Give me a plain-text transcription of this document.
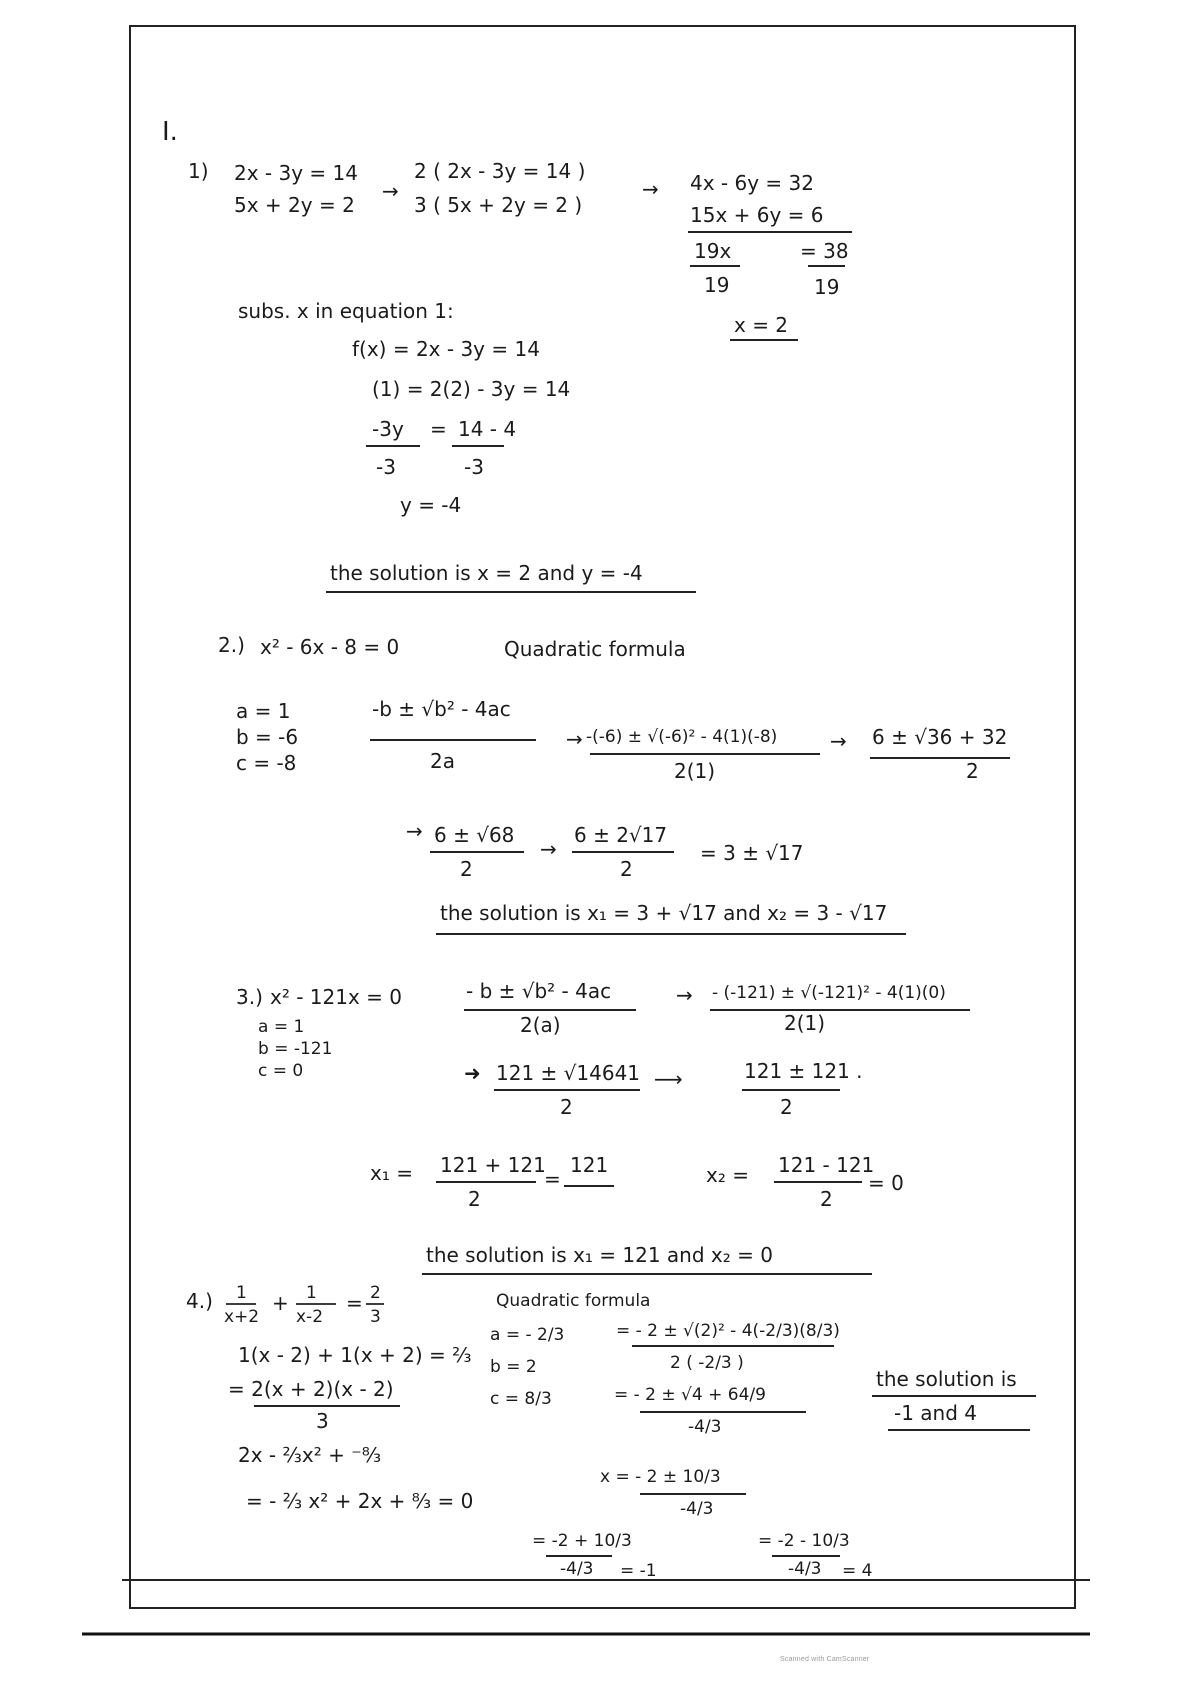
I.
1) 2x - 3y = 14
5x + 2y = 2
→
2 ( 2x - 3y = 14 )
3 ( 5x + 2y = 2 )
→ 4x - 6y = 32
15x + 6y = 6
19x	= 38
19	19
x = 2
subs. x in equation 1:
f(x) = 2x - 3y = 14
(1) = 2(2) - 3y = 14
-3y = 14 - 4
-3	-3
y = -4
the solution is x = 2 and y = -4
2.) x² - 6x - 8 = 0	Quadratic formula
a = 1
b = -6
c = -8
-b ± √b² - 4ac
2a
→ -(-6) ± √(-6)² - 4(1)(-8)
2(1)
→ 6 ± √36 + 32
2
→ 6 ± √68
2
→
6 ± 2√17
2
= 3 ± √17
the solution is x₁ = 3 + √17 and x₂ = 3 - √17
3.) x² - 121x = 0
a = 1
b = -121
c = 0
- b ± √b² - 4ac
2(a)
→ - (-121) ± √(-121)² - 4(1)(0)
2(1)
➜ 121 ± √14641
2
⟶	121 ± 121 .
2
x₁ = 121 + 121
2
=
121	x₂ = 121 - 121
2
= 0
the solution is x₁ = 121 and x₂ = 0
4.) 1
x+2
+ 1
x-2
= 2
3
1(x - 2) + 1(x + 2) = ²⁄₃
= 2(x + 2)(x - 2)
3
2x - ⅔x² + ⁻⁸⁄₃
= - ⅔ x² + 2x + ⁸⁄₃ = 0
Quadratic formula
a = - 2/3
b = 2
c = 8/3
= - 2 ± √(2)² - 4(-2/3)(8/3)
2 ( -2/3 )
= - 2 ± √4 + 64/9
-4/3
x = - 2 ± 10/3
-4/3
= -2 + 10/3
-4/3 = -1
= -2 - 10/3
-4/3 = 4
the solution is
-1 and 4
Scanned with CamScanner
